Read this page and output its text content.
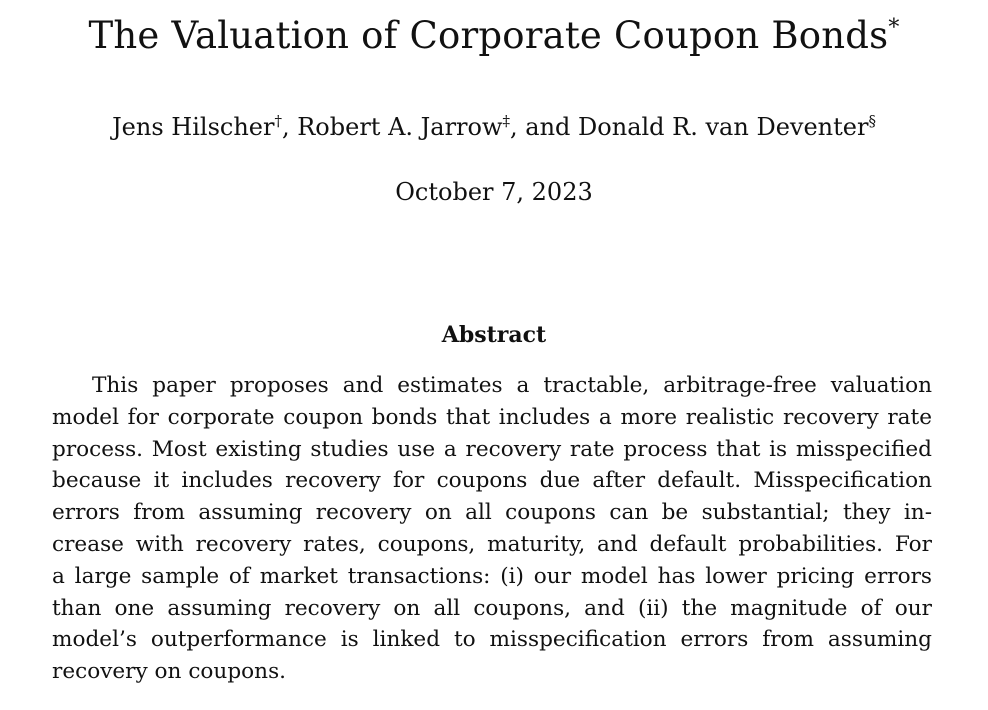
The Valuation of Corporate Coupon Bonds*

Jens Hilscher†, Robert A. Jarrow‡, and Donald R. van Deventer§

October 7, 2023

Abstract
This paper proposes and estimates a tractable, arbitrage-free valuation
model for corporate coupon bonds that includes a more realistic recovery rate
process. Most existing studies use a recovery rate process that is misspecified
because it includes recovery for coupons due after default. Misspecification
errors from assuming recovery on all coupons can be substantial; they in-
crease with recovery rates, coupons, maturity, and default probabilities. For
a large sample of market transactions: (i) our model has lower pricing errors
than one assuming recovery on all coupons, and (ii) the magnitude of our
model’s outperformance is linked to misspecification errors from assuming
recovery on coupons.
